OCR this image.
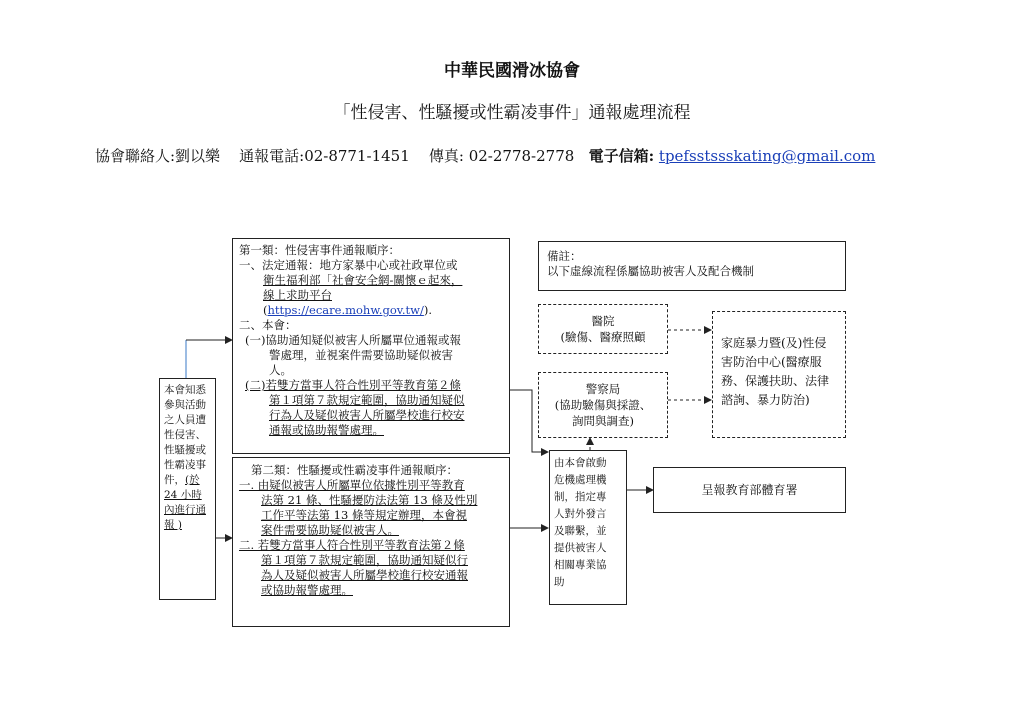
中華民國滑冰協會
「性侵害、性騷擾或性霸凌事件」通報處理流程
協會聯絡人:劉以樂 通報電話:02-8771-1451 傳真: 02-2778-2778 電子信箱: tpefsstssskating@gmail.com
本會知悉
參與活動
之人員遭
性侵害、
性騷擾或
性霸凌事
件，(於
24 小時
內進行通
報 )
第一類：性侵害事件通報順序：
一、法定通報：地方家暴中心或社政單位或
衛生福利部「社會安全網-關懷ｅ起來，
線上求助平台
(https://ecare.mohw.gov.tw/).
二、本會：
(一)協助通知疑似被害人所屬單位通報或報
警處理，並視案件需要協助疑似被害
人。
(二)若雙方當事人符合性別平等教育第２條
第１項第７款規定範圍，協助通知疑似
行為人及疑似被害人所屬學校進行校安
通報或協助報警處理。
第二類：性騷擾或性霸凌事件通報順序：
一. 由疑似被害人所屬單位依據性別平等教育
法第 21 條、性騷擾防法法第 13 條及性別
工作平等法第 13 條等規定辦理，本會視
案件需要協助疑似被害人。
二. 若雙方當事人符合性別平等教育法第２條
第１項第７款規定範圍，協助通知疑似行
為人及疑似被害人所屬學校進行校安通報
或協助報警處理。
備註：
以下虛線流程係屬協助被害人及配合機制
醫院
(驗傷、醫療照顧
警察局
(協助驗傷與採證、
詢問與調查)
家庭暴力暨(及)性侵
害防治中心(醫療服
務、保護扶助、法律
諮詢、暴力防治)
由本會啟動
危機處理機
制，指定專
人對外發言
及聯繫，並
提供被害人
相關專業協
助
呈報教育部體育署
